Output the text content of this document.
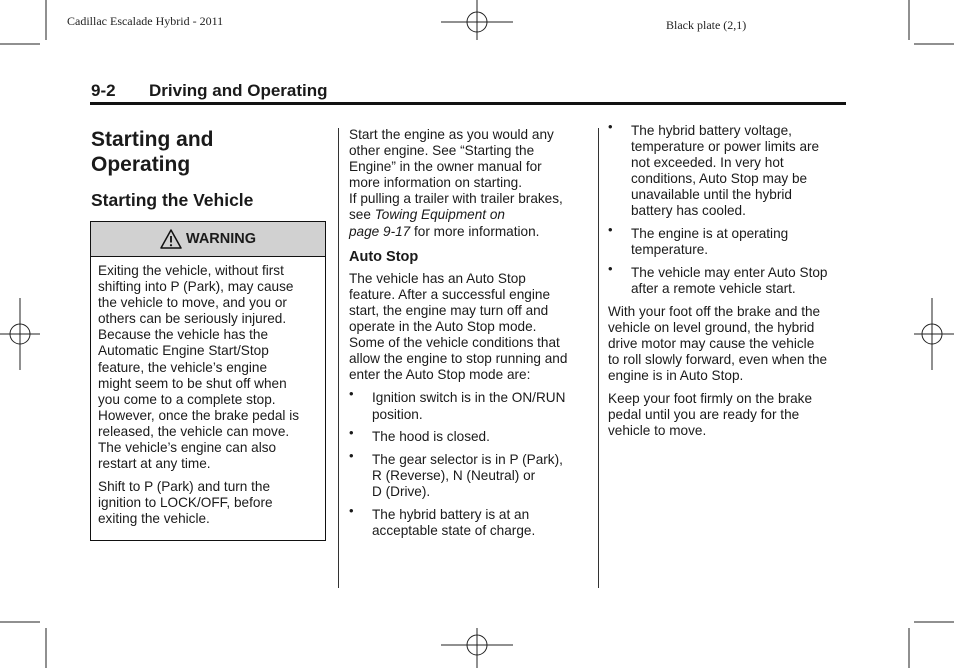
Cadillac Escalade Hybrid - 2011	Black plate (2,1)
9-2 Driving and Operating
Starting and
Operating
Starting the Vehicle
WARNING

Exiting the vehicle, without first
shifting into P (Park), may cause
the vehicle to move, and you or
others can be seriously injured.
Because the vehicle has the
Automatic Engine Start/Stop
feature, the vehicle’s engine
might seem to be shut off when
you come to a complete stop.
However, once the brake pedal is
released, the vehicle can move.
The vehicle’s engine can also
restart at any time.

Shift to P (Park) and turn the
ignition to LOCK/OFF, before
exiting the vehicle.

Start the engine as you would any
other engine. See “Starting the
Engine” in the owner manual for
more information on starting.
If pulling a trailer with trailer brakes,
see Towing Equipment on
page 9-17 for more information.

Auto Stop

The vehicle has an Auto Stop
feature. After a successful engine
start, the engine may turn off and
operate in the Auto Stop mode.
Some of the vehicle conditions that
allow the engine to stop running and
enter the Auto Stop mode are:

• Ignition switch is in the ON/RUN
position.
• The hood is closed.
• The gear selector is in P (Park),
R (Reverse), N (Neutral) or
D (Drive).
• The hybrid battery is at an
acceptable state of charge.
• The hybrid battery voltage,
temperature or power limits are
not exceeded. In very hot
conditions, Auto Stop may be
unavailable until the hybrid
battery has cooled.
• The engine is at operating
temperature.
• The vehicle may enter Auto Stop
after a remote vehicle start.

With your foot off the brake and the
vehicle on level ground, the hybrid
drive motor may cause the vehicle
to roll slowly forward, even when the
engine is in Auto Stop.

Keep your foot firmly on the brake
pedal until you are ready for the
vehicle to move.
